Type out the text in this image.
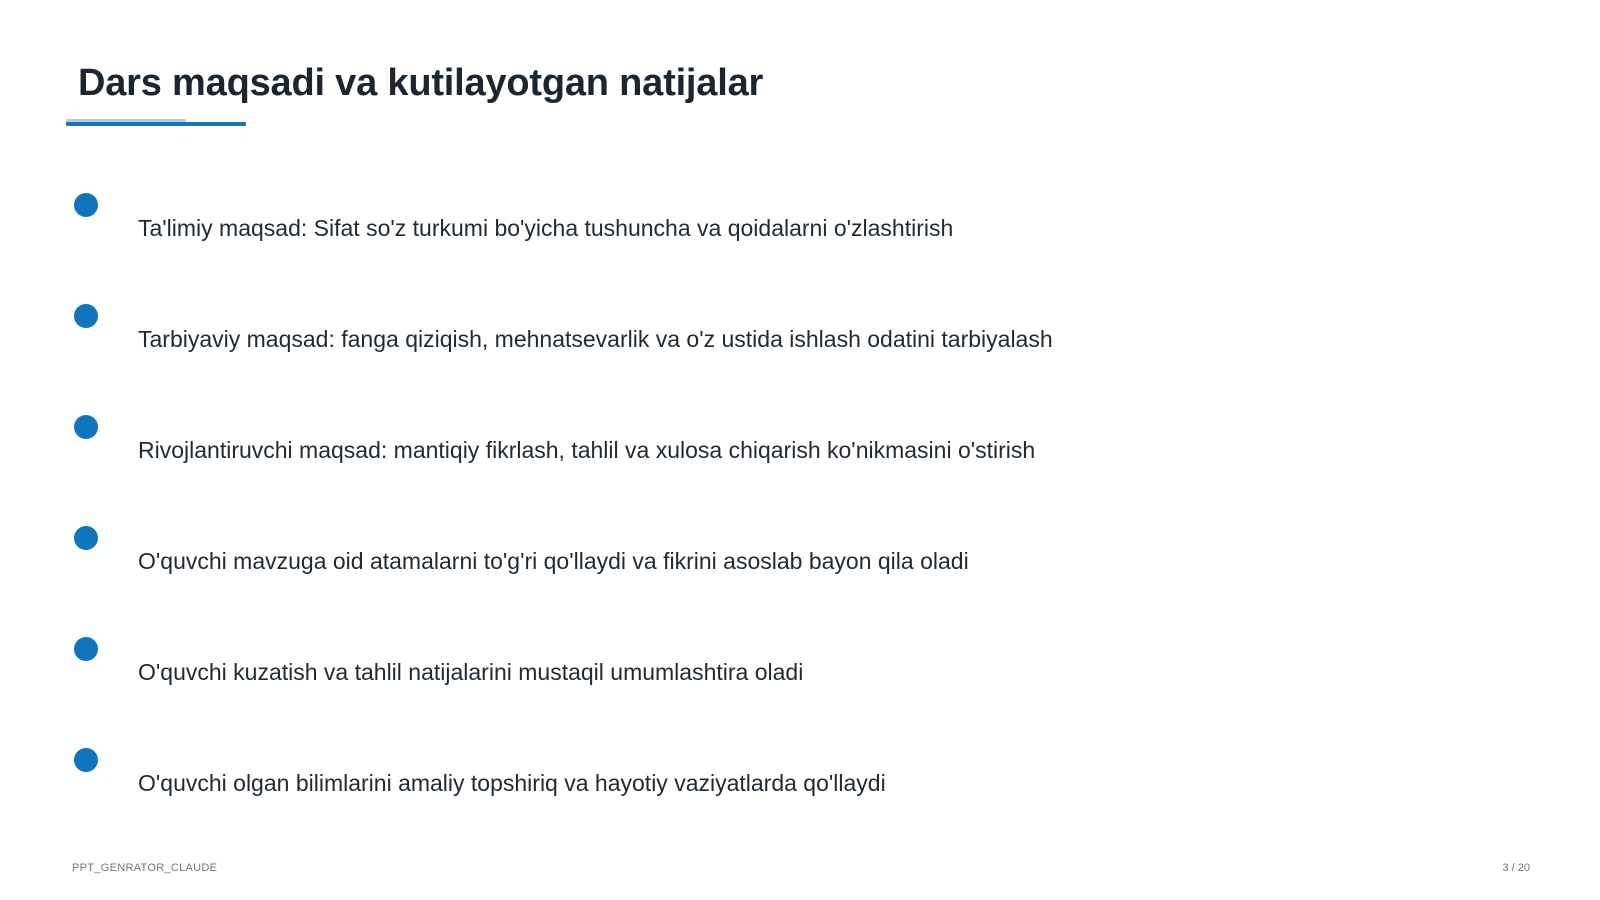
Dars maqsadi va kutilayotgan natijalar
Ta'limiy maqsad: Sifat so'z turkumi bo'yicha tushuncha va qoidalarni o'zlashtirish
Tarbiyaviy maqsad: fanga qiziqish, mehnatsevarlik va o'z ustida ishlash odatini tarbiyalash
Rivojlantiruvchi maqsad: mantiqiy fikrlash, tahlil va xulosa chiqarish ko'nikmasini o'stirish
O'quvchi mavzuga oid atamalarni to'g'ri qo'llaydi va fikrini asoslab bayon qila oladi
O'quvchi kuzatish va tahlil natijalarini mustaqil umumlashtira oladi
O'quvchi olgan bilimlarini amaliy topshiriq va hayotiy vaziyatlarda qo'llaydi
PPT_GENRATOR_CLAUDE	3 / 20
